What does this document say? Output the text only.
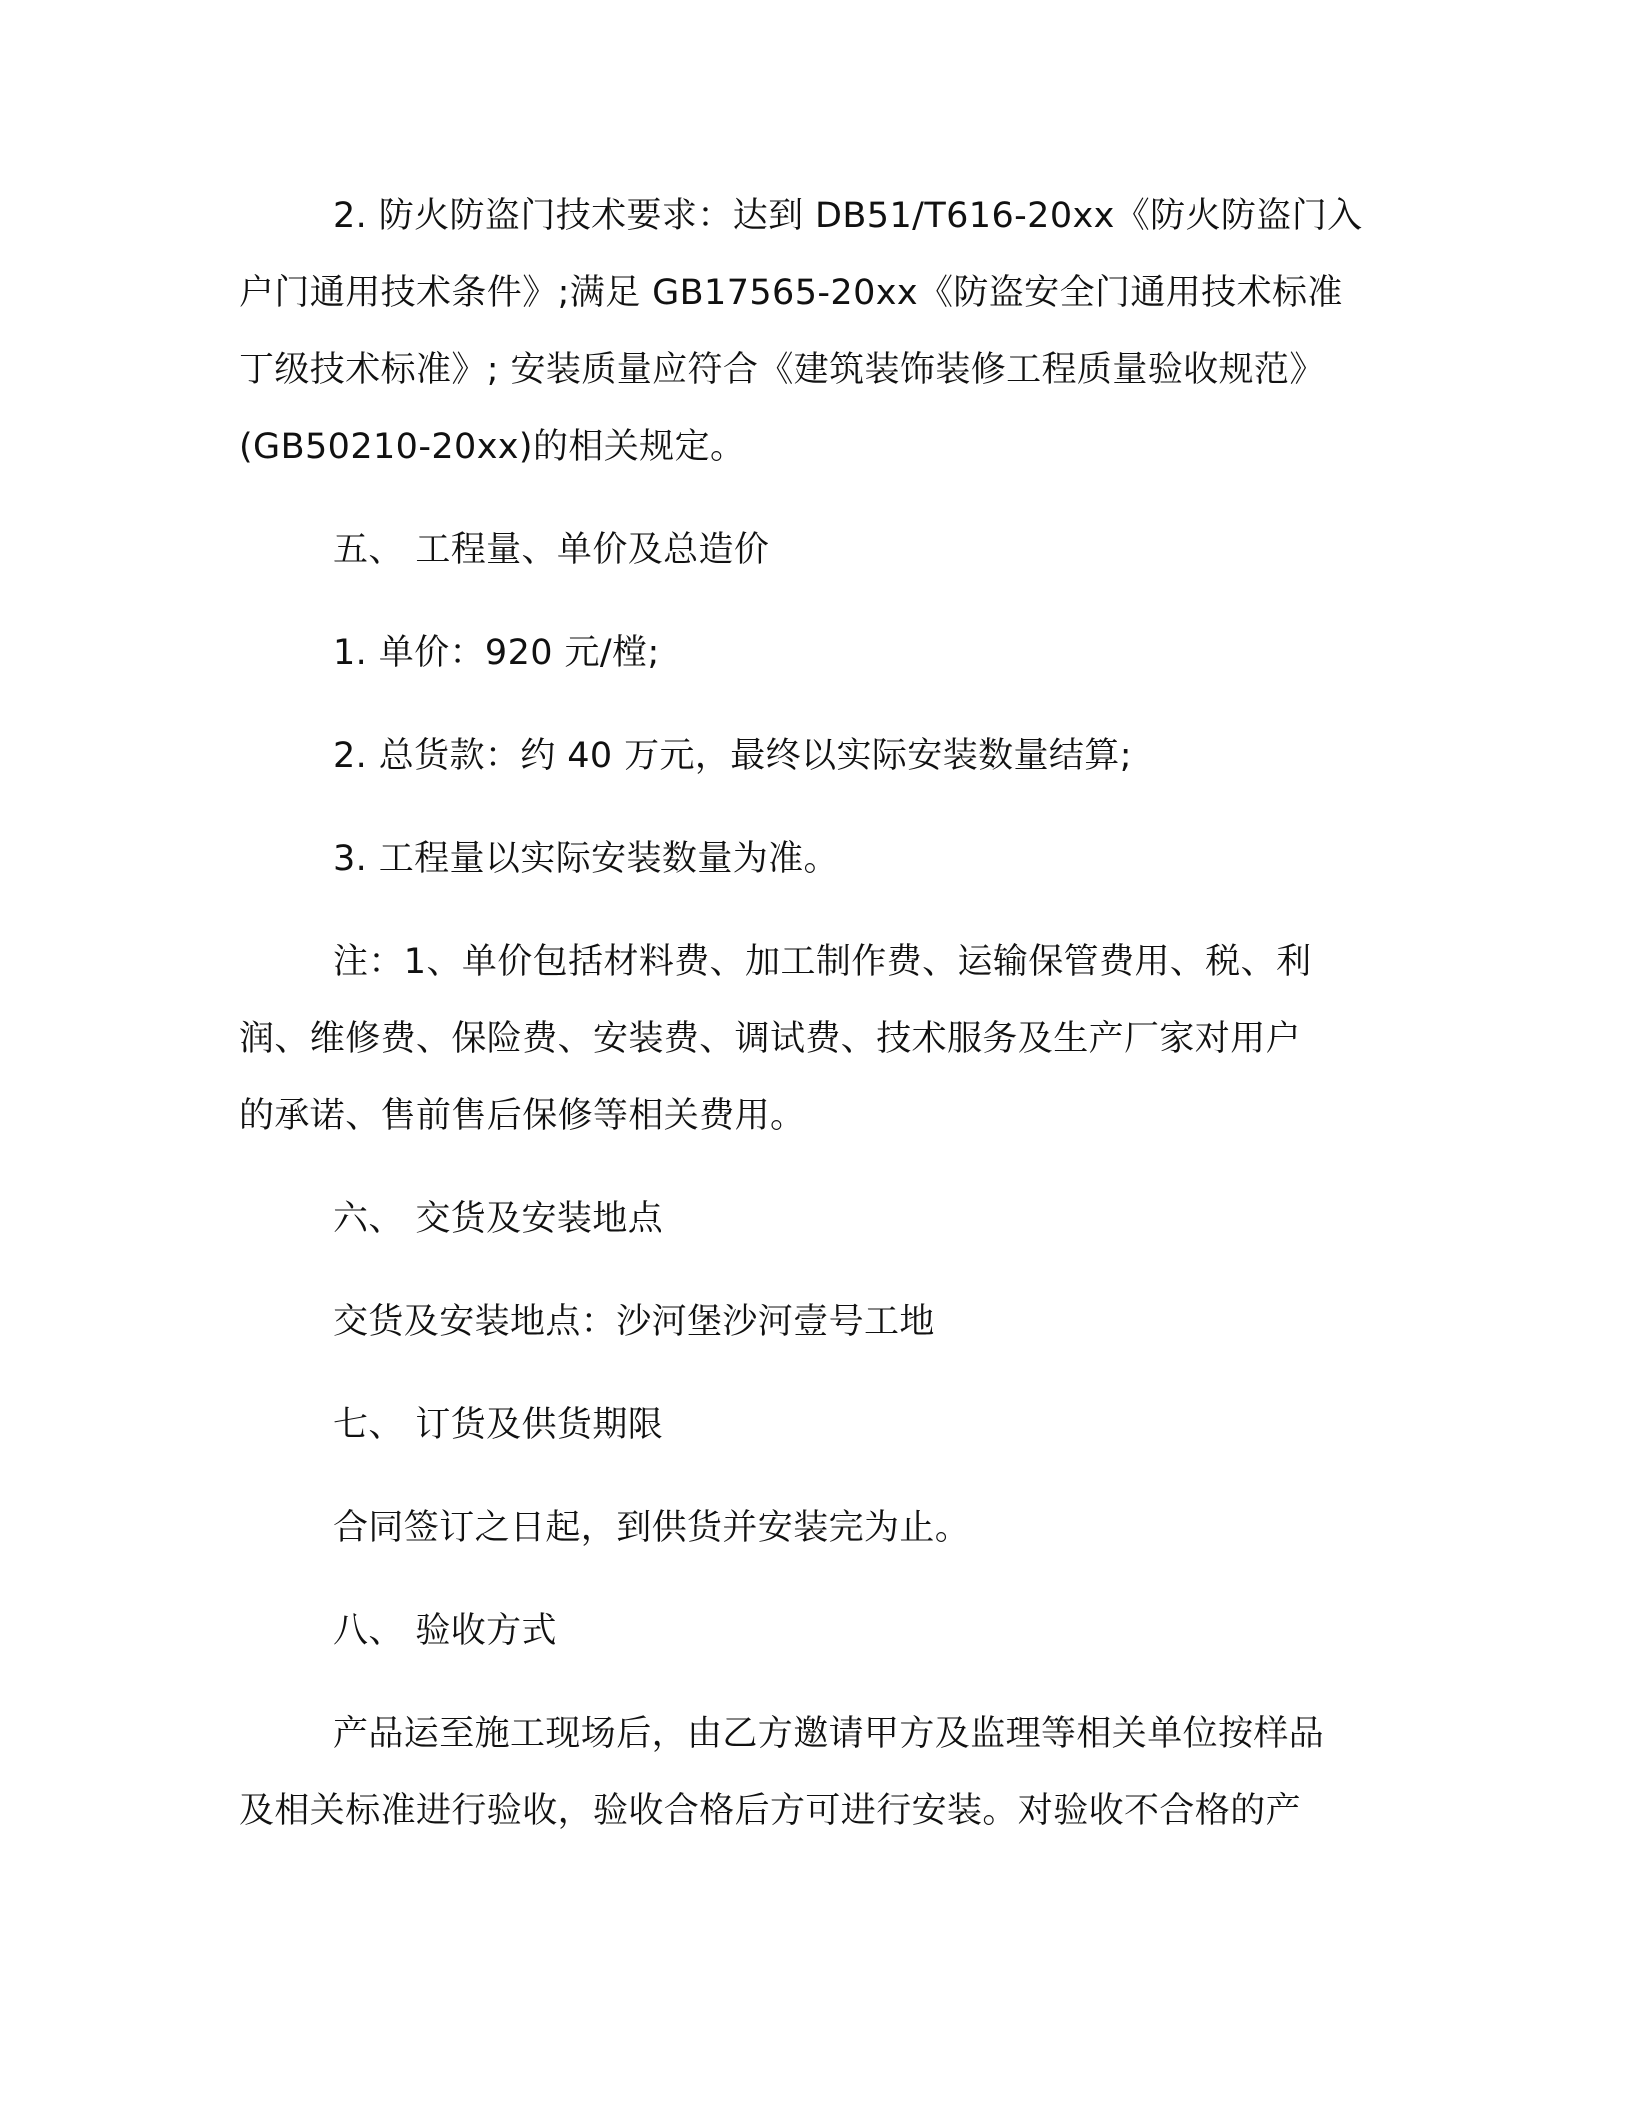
2. 防火防盗门技术要求：达到 DB51/T616-20xx《防火防盗门入
户门通用技术条件》;满足 GB17565-20xx《防盗安全门通用技术标准
丁级技术标准》; 安装质量应符合《建筑装饰装修工程质量验收规范》
(GB50210-20xx)的相关规定。
五、 工程量、单价及总造价
1. 单价：920 元/樘;
2. 总货款：约 40 万元，最终以实际安装数量结算;
3. 工程量以实际安装数量为准。
注：1、单价包括材料费、加工制作费、运输保管费用、税、利
润、维修费、保险费、安装费、调试费、技术服务及生产厂家对用户
的承诺、售前售后保修等相关费用。
六、 交货及安装地点
交货及安装地点：沙河堡沙河壹号工地
七、 订货及供货期限
合同签订之日起，到供货并安装完为止。
八、 验收方式
产品运至施工现场后，由乙方邀请甲方及监理等相关单位按样品
及相关标准进行验收，验收合格后方可进行安装。对验收不合格的产
